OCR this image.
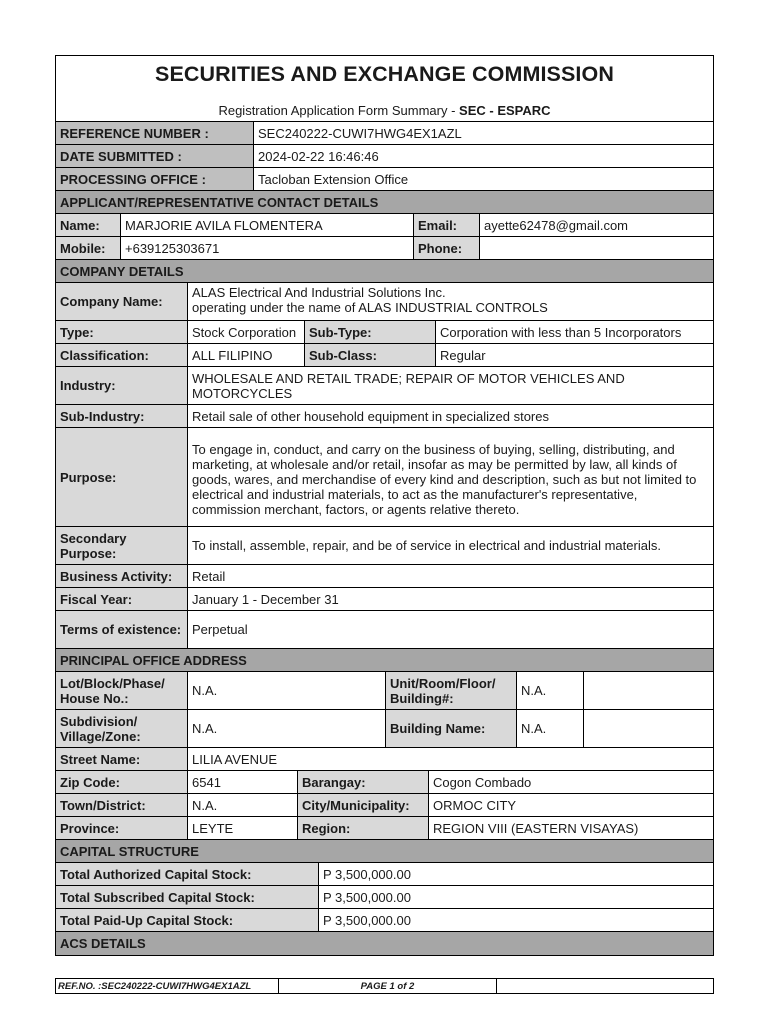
SECURITIES AND EXCHANGE COMMISSION
Registration Application Form Summary - SEC - ESPARC
REFERENCE NUMBER :	SEC240222-CUWI7HWG4EX1AZL
DATE SUBMITTED :	2024-02-22 16:46:46
PROCESSING OFFICE :	Tacloban Extension Office
APPLICANT/REPRESENTATIVE CONTACT DETAILS
Name:	MARJORIE AVILA FLOMENTERA	Email:	ayette62478@gmail.com
Mobile:	+639125303671	Phone:
COMPANY DETAILS
Company Name:
ALAS Electrical And Industrial Solutions Inc.
operating under the name of ALAS INDUSTRIAL CONTROLS
Type:	Stock Corporation Sub-Type:	Corporation with less than 5 Incorporators
Classification:	ALL FILIPINO	Sub-Class:	Regular
Industry:	WHOLESALE AND RETAIL TRADE; REPAIR OF MOTOR VEHICLES AND MOTORCYCLES
Sub-Industry:	Retail sale of other household equipment in specialized stores
Purpose:
To engage in, conduct, and carry on the business of buying, selling, distributing, and marketing, at wholesale and/or retail, insofar as may be permitted by law, all kinds of goods, wares, and merchandise of every kind and description, such as but not limited to electrical and industrial materials, to act as the manufacturer's representative, commission merchant, factors, or agents relative thereto.
Secondary Purpose:	To install, assemble, repair, and be of service in electrical and industrial materials.
Business Activity:	Retail
Fiscal Year:	January 1 - December 31
Terms of existence: Perpetual
PRINCIPAL OFFICE ADDRESS
Lot/Block/Phase/ House No.:	N.A.	Unit/Room/Floor/ Building#:	N.A.
Subdivision/ Village/Zone:	N.A.	Building Name:	N.A.
Street Name:	LILIA AVENUE
Zip Code:	6541	Barangay:	Cogon Combado
Town/District:	N.A.	City/Municipality:	ORMOC CITY
Province:	LEYTE	Region:	REGION VIII (EASTERN VISAYAS)
CAPITAL STRUCTURE
Total Authorized Capital Stock:	P 3,500,000.00
Total Subscribed Capital Stock:	P 3,500,000.00
Total Paid-Up Capital Stock:	P 3,500,000.00
ACS DETAILS
REF.NO. :SEC240222-CUWI7HWG4EX1AZL	PAGE 1 of 2
